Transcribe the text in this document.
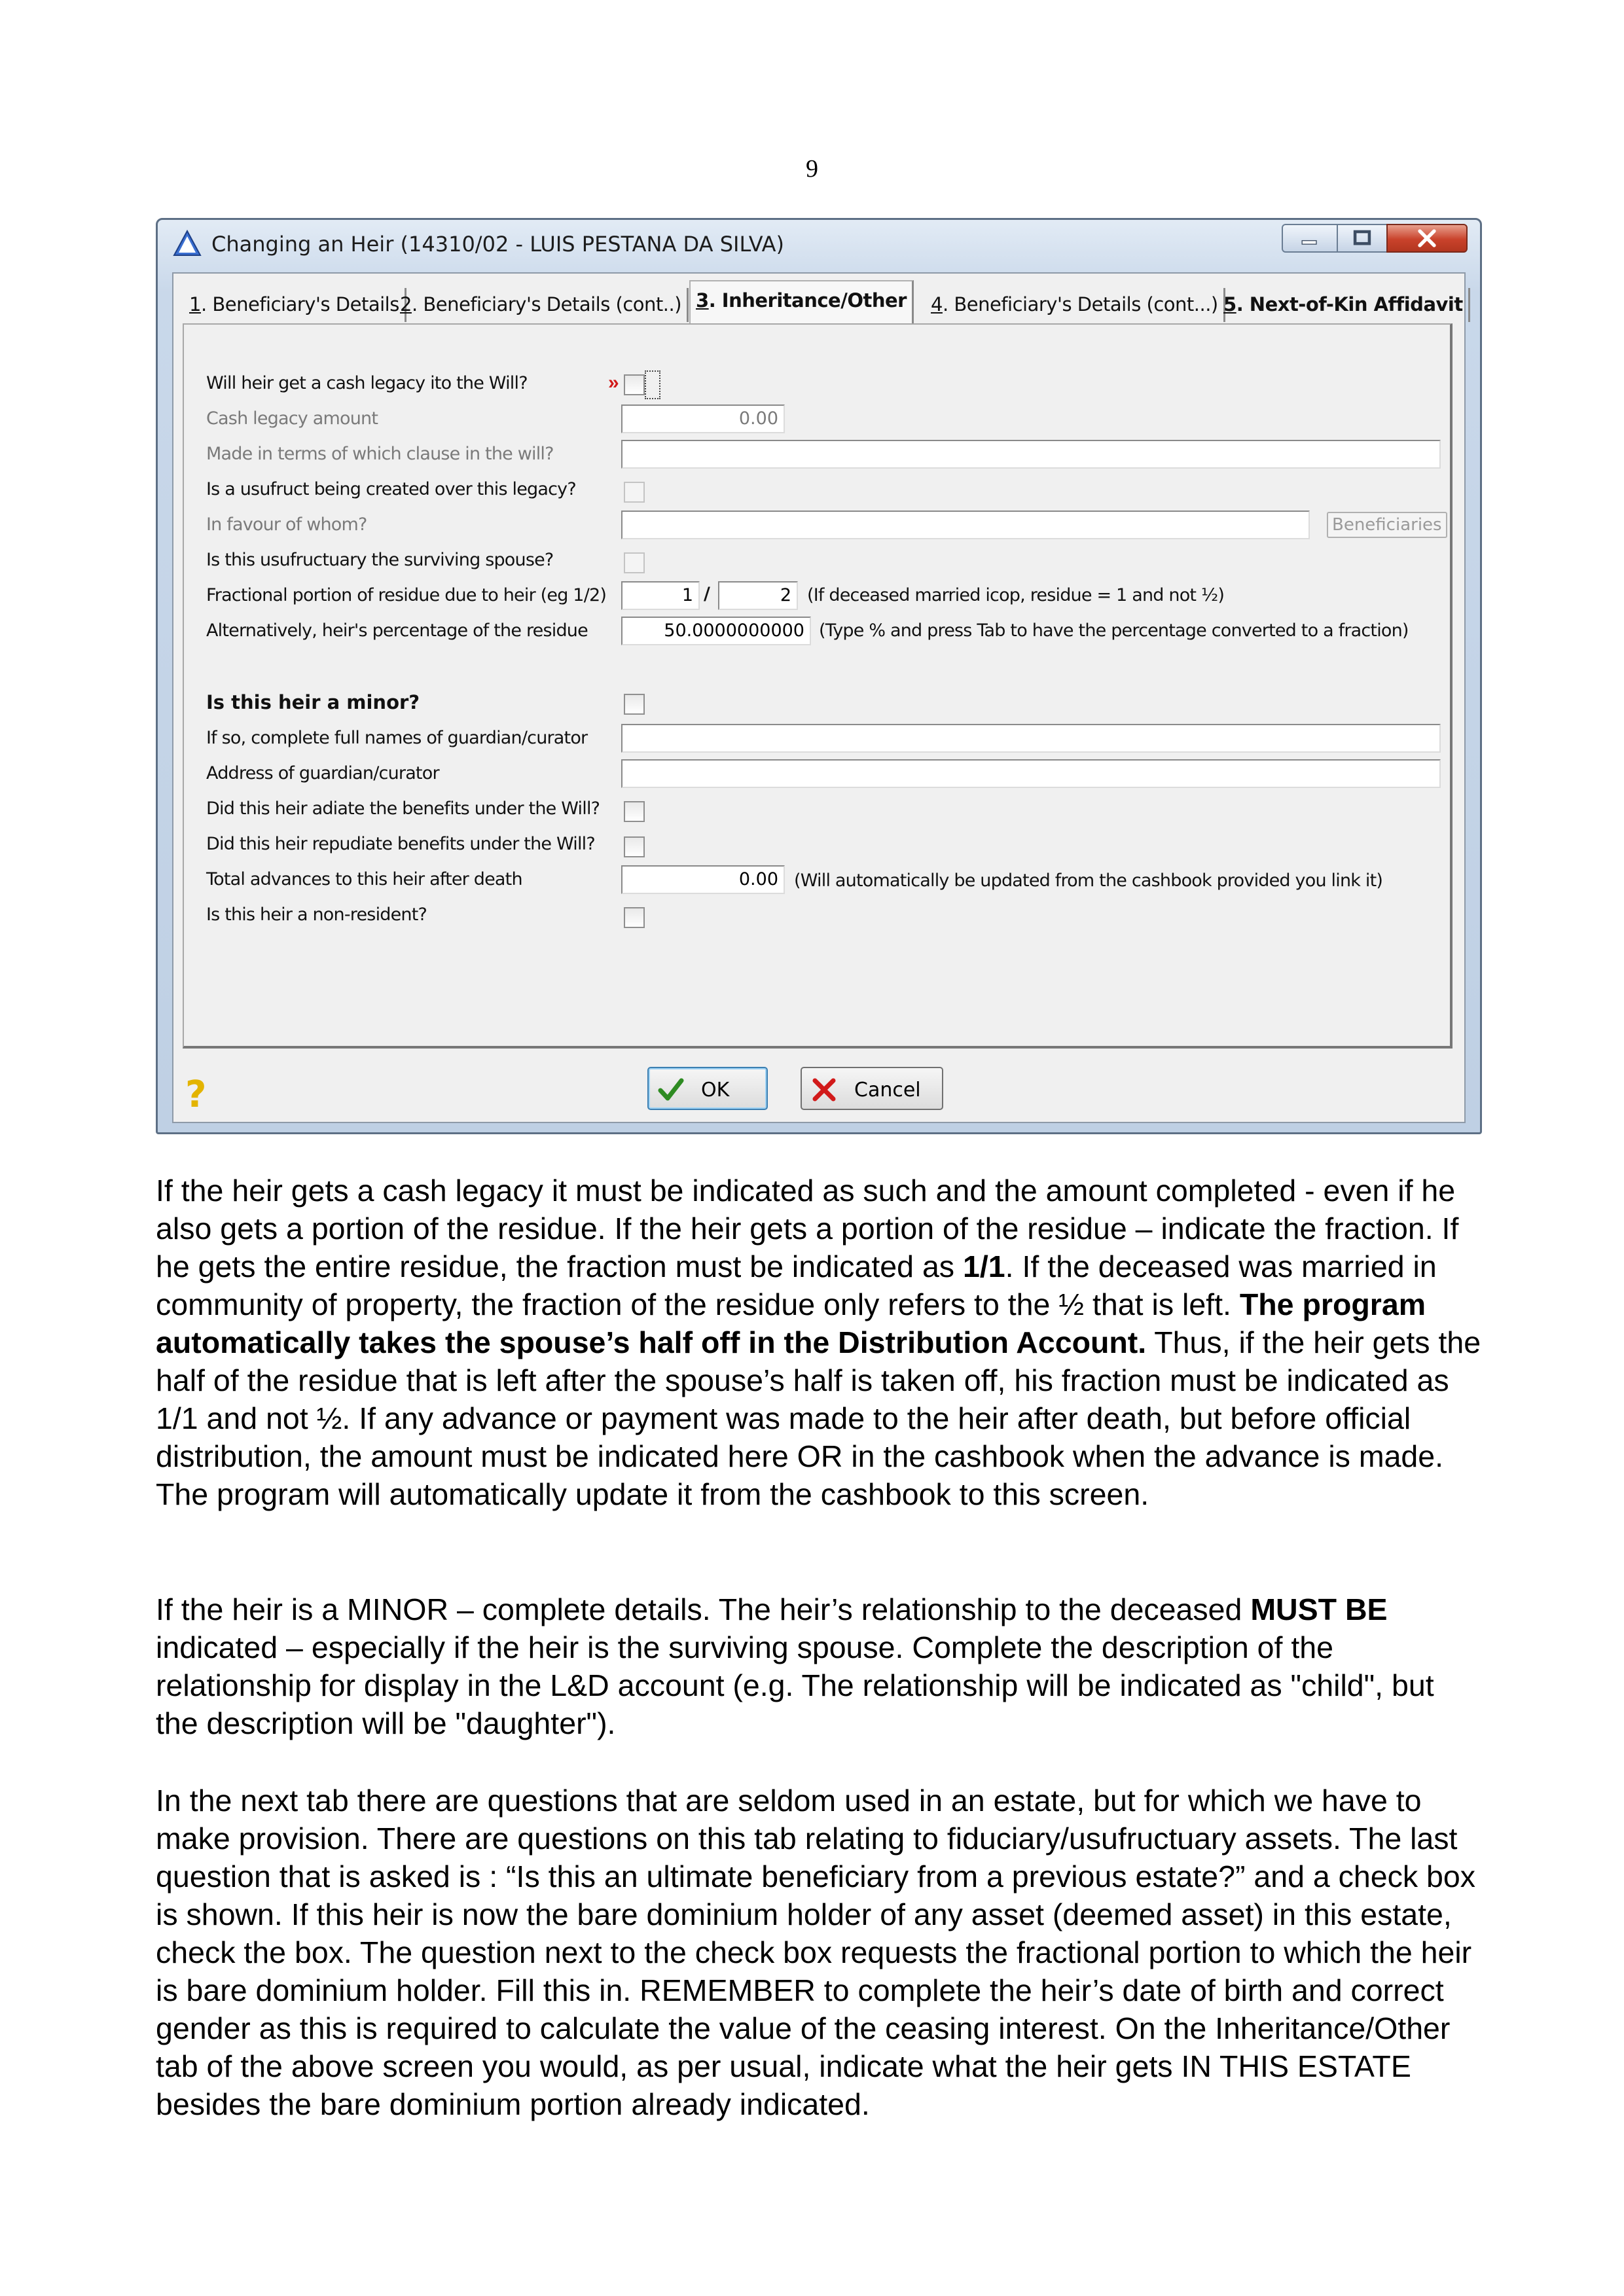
9
Changing an Heir (14310/02 - LUIS PESTANA DA SILVA)
1. Beneficiary's Details 2. Beneficiary's Details (cont..) 3. Inheritance/Other	4. Beneficiary's Details (cont...) 5. Next-of-Kin Affidavit
Will heir get a cash legacy ito the Will?	»
Cash legacy amount	0.00
Made in terms of which clause in the will?
Is a usufruct being created over this legacy?
In favour of whom?	Beneficiaries
Is this usufructuary the surviving spouse?
Fractional portion of residue due to heir (eg 1/2)	1 /	2 (If deceased married icop, residue = 1 and not ½)
Alternatively, heir's percentage of the residue	50.0000000000 (Type % and press Tab to have the percentage converted to a fraction)
Is this heir a minor?
If so, complete full names of guardian/curator
Address of guardian/curator
Did this heir adiate the benefits under the Will?
Did this heir repudiate benefits under the Will?
Total advances to this heir after death	0.00 (Will automatically be updated from the cashbook provided you link it)
Is this heir a non-resident?
?	OK	Cancel

If the heir gets a cash legacy it must be indicated as such and the amount completed - even if he also gets a portion of the residue. If the heir gets a portion of the residue – indicate the fraction. If he gets the entire residue, the fraction must be indicated as 1/1. If the deceased was married in community of property, the fraction of the residue only refers to the ½ that is left. The program automatically takes the spouse’s half off in the Distribution Account. Thus, if the heir gets the half of the residue that is left after the spouse’s half is taken off, his fraction must be indicated as 1/1 and not ½. If any advance or payment was made to the heir after death, but before official distribution, the amount must be indicated here OR in the cashbook when the advance is made. The program will automatically update it from the cashbook to this screen.

If the heir is a MINOR – complete details. The heir’s relationship to the deceased MUST BE indicated – especially if the heir is the surviving spouse. Complete the description of the relationship for display in the L&D account (e.g. The relationship will be indicated as "child", but the description will be "daughter").

In the next tab there are questions that are seldom used in an estate, but for which we have to make provision. There are questions on this tab relating to fiduciary/usufructuary assets. The last question that is asked is : “Is this an ultimate beneficiary from a previous estate?” and a check box is shown. If this heir is now the bare dominium holder of any asset (deemed asset) in this estate, check the box. The question next to the check box requests the fractional portion to which the heir is bare dominium holder. Fill this in. REMEMBER to complete the heir’s date of birth and correct gender as this is required to calculate the value of the ceasing interest. On the Inheritance/Other tab of the above screen you would, as per usual, indicate what the heir gets IN THIS ESTATE besides the bare dominium portion already indicated.
